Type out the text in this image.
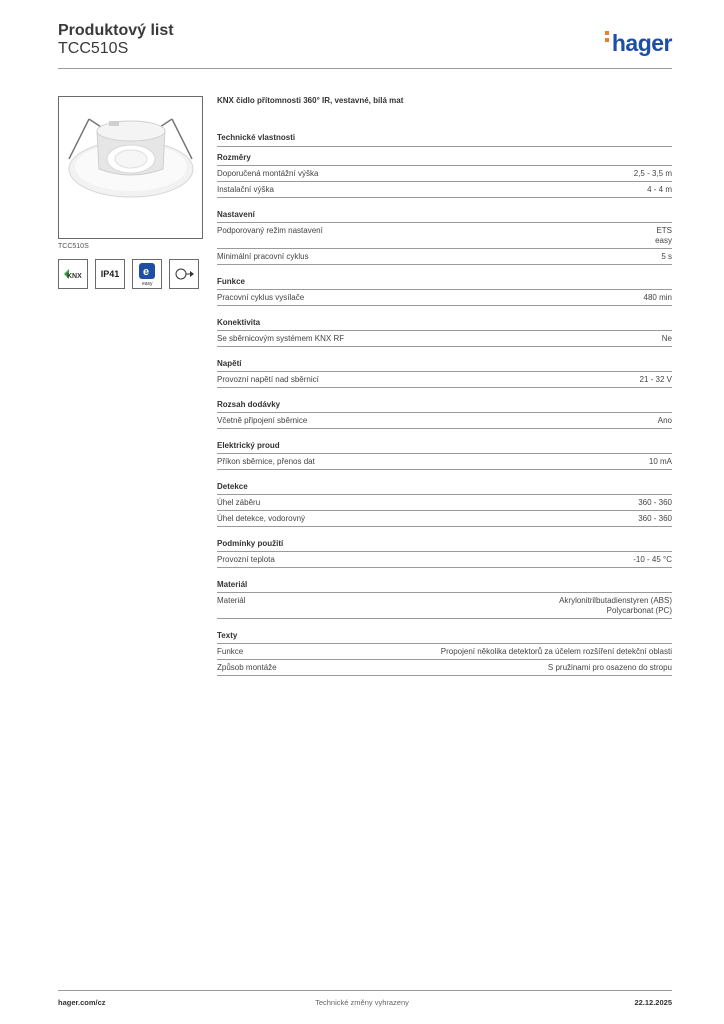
Produktový list
TCC510S	hager
TCC510S
KNX IP41 e
easy
KNX čidlo přítomnosti 360° IR, vestavné, bílá mat
Technické vlastnosti
Rozměry
Doporučená montážní výška	2,5 - 3,5 m
Instalační výška	4 - 4 m
Nastavení
Podporovaný režim nastavení	ETS
easy
Minimální pracovní cyklus	5 s
Funkce
Pracovní cyklus vysílače	480 min
Konektivita
Se sběrnicovým systémem KNX RF	Ne
Napětí
Provozní napětí nad sběrnicí	21 - 32 V
Rozsah dodávky
Včetně připojení sběrnice	Ano
Elektrický proud
Příkon sběrnice, přenos dat	10 mA
Detekce
Úhel záběru	360 - 360
Úhel detekce, vodorovný	360 - 360
Podmínky použití
Provozní teplota	-10 - 45 °C
Materiál
Materiál	Akrylonitrilbutadienstyren (ABS)
Polycarbonat (PC)
Texty
Funkce	Propojení několika detektorů za účelem rozšíření detekční oblasti
Způsob montáže	S pružinami pro osazeno do stropu
Technické změny vyhrazeny
hager.com/cz	22.12.2025
